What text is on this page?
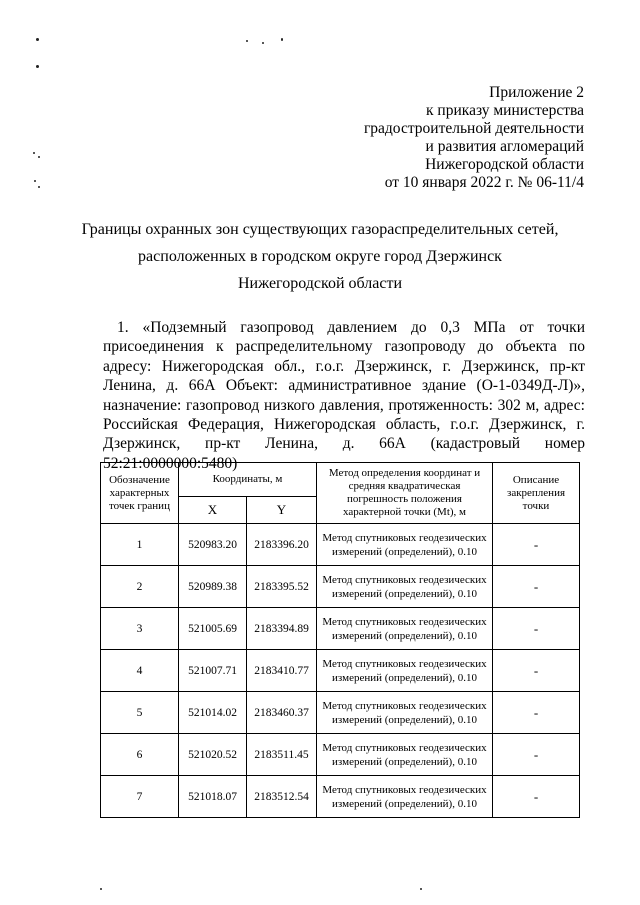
Приложение 2
к приказу министерства
градостроительной деятельности
и развития агломераций
Нижегородской области
от 10 января 2022 г. № 06-11/4
Границы охранных зон существующих газораспределительных сетей,
расположенных в городском округе город Дзержинск
Нижегородской области
1. «Подземный газопровод давлением до 0,3 МПа от точки присоединения к распределительному газопроводу до объекта по адресу: Нижегородская обл., г.о.г. Дзержинск, г. Дзержинск, пр-кт Ленина, д. 66А Объект: административное здание (О-1-0349Д-Л)», назначение: газопровод низкого давления, протяженность: 302 м, адрес: Российская Федерация, Нижегородская область, г.о.г. Дзержинск, г. Дзержинск, пр-кт Ленина, д. 66А (кадастровый номер 52:21:0000000:5480)
Обозначение характерных точек границ	Координаты, м		Метод определения координат и средняя квадратическая погрешность положения характерной точки (Mt), м	Описание закрепления точки
	X	Y		
1	520983.20	2183396.20	Метод спутниковых геодезических измерений (определений), 0.10	-
2	520989.38	2183395.52	Метод спутниковых геодезических измерений (определений), 0.10	-
3	521005.69	2183394.89	Метод спутниковых геодезических измерений (определений), 0.10	-
4	521007.71	2183410.77	Метод спутниковых геодезических измерений (определений), 0.10	-
5	521014.02	2183460.37	Метод спутниковых геодезических измерений (определений), 0.10	-
6	521020.52	2183511.45	Метод спутниковых геодезических измерений (определений), 0.10	-
7	521018.07	2183512.54	Метод спутниковых геодезических измерений (определений), 0.10	-
